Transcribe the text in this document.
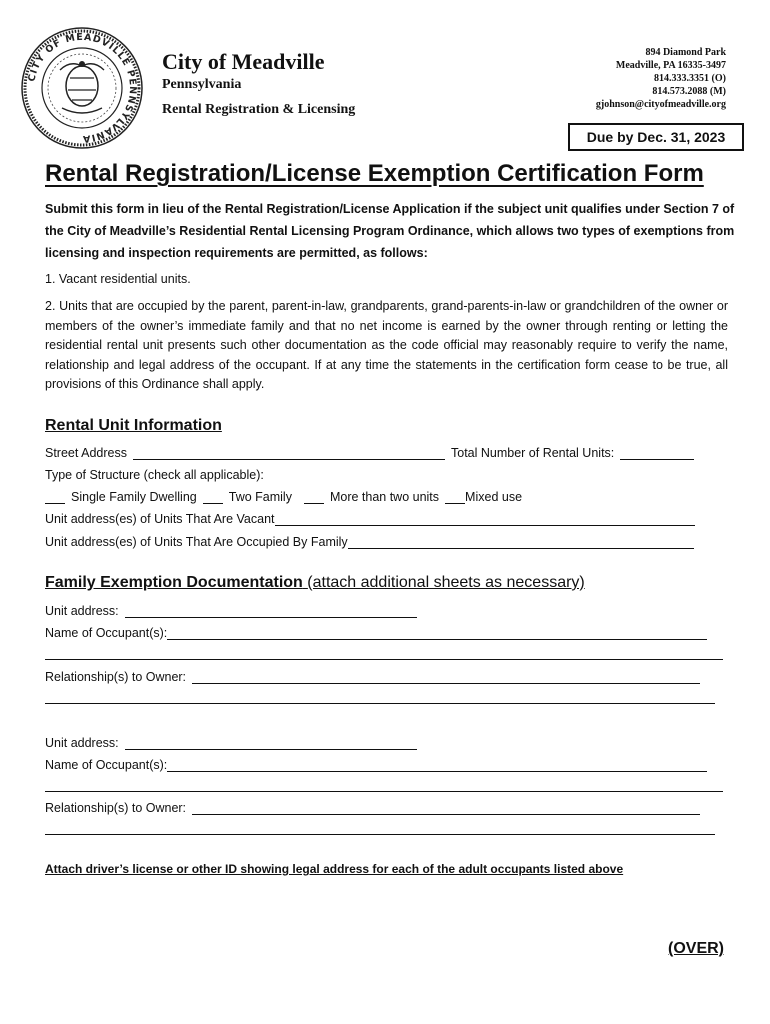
CITY OF MEADVILLE PENNSYLVANIA
City of Meadville
Pennsylvania
Rental Registration & Licensing
894 Diamond Park
Meadville, PA 16335-3497
814.333.3351 (O)
814.573.2088 (M)
gjohnson@cityofmeadville.org
Due by Dec. 31, 2023
Rental Registration/License Exemption Certification Form
Submit this form in lieu of the Rental Registration/License Application if the subject unit qualifies under Section 7 of the City of Meadville’s Residential Rental Licensing Program Ordinance, which allows two types of exemptions from licensing and inspection requirements are permitted, as follows:
1. Vacant residential units.
2. Units that are occupied by the parent, parent-in-law, grandparents, grand-parents-in-law or grandchildren of the owner or members of the owner’s immediate family and that no net income is earned by the owner through renting or letting the residential rental unit presents such other documentation as the code official may reasonably require to verify the name, relationship and legal address of the occupant. If at any time the statements in the certification form cease to be true, all provisions of this Ordinance shall apply.
Rental Unit Information
Street Address	Total Number of Rental Units:
Type of Structure (check all applicable):
Single Family Dwelling	Two Family	More than two units Mixed use
Unit address(es) of Units That Are Vacant
Unit address(es) of Units That Are Occupied By Family
Family Exemption Documentation (attach additional sheets as necessary)
Unit address:
Name of Occupant(s):
Relationship(s) to Owner:
Unit address:
Name of Occupant(s):
Relationship(s) to Owner:
Attach driver’s license or other ID showing legal address for each of the adult occupants listed above
(OVER)
